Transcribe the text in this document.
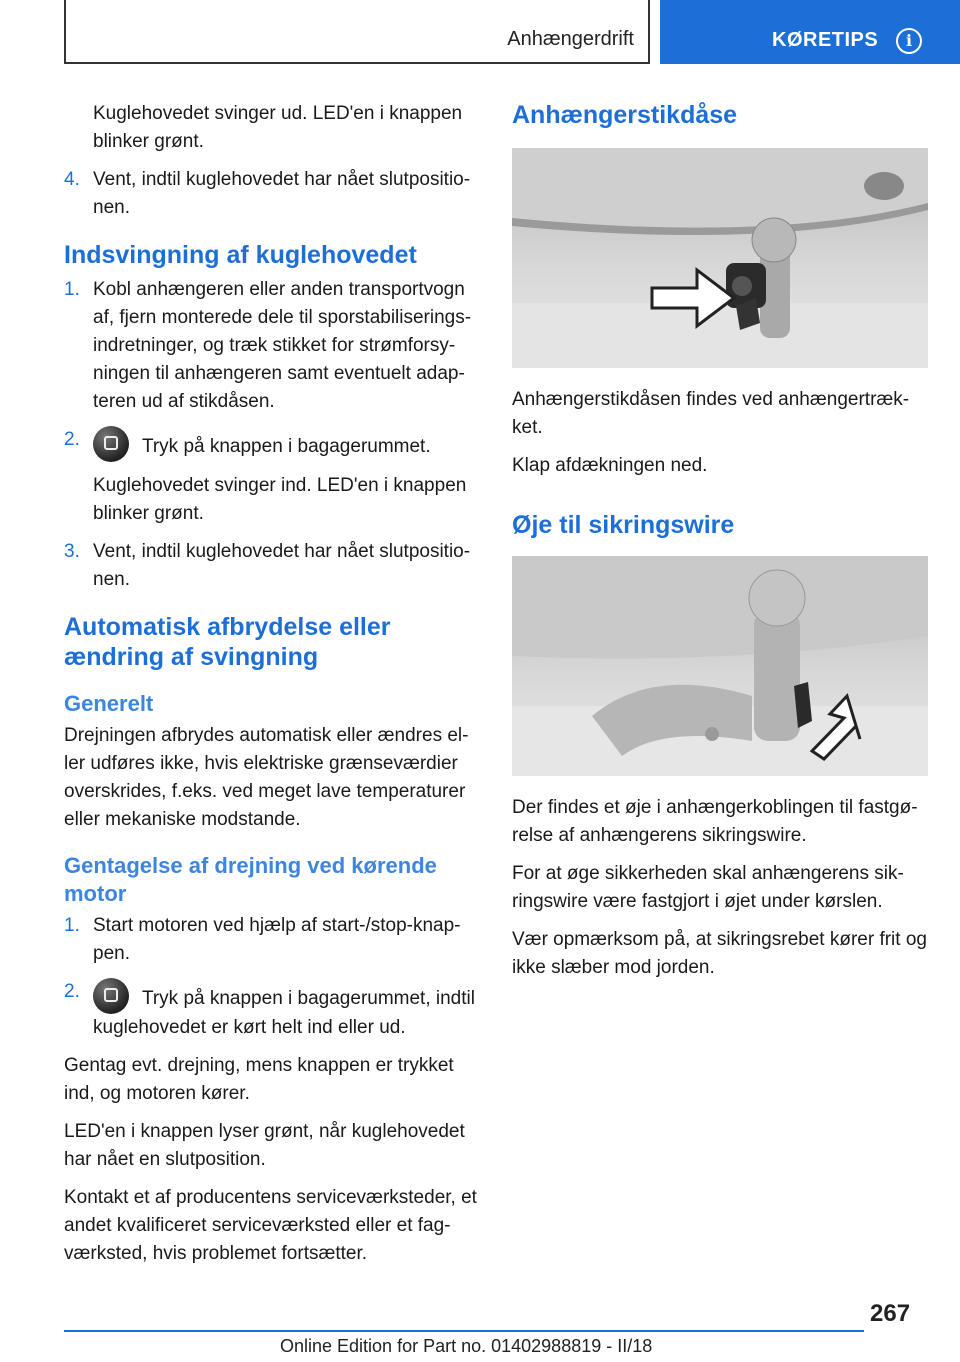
Anhængerdrift	KØRETIPS	i

Kuglehovedet svinger ud. LED'en i knappen blinker grønt.

4. Vent, indtil kuglehovedet har nået slutpositio‐nen.
Indsvingning af kuglehovedet
1. Kobl anhængeren eller anden transportvogn af, fjern monterede dele til sporstabiliserings‐indretninger, og træk stikket for strømforsy‐ningen til anhængeren samt eventuelt adap‐teren ud af stikdåsen.
2.	Tryk på knappen i bagagerummet.

Kuglehovedet svinger ind. LED'en i knappen blinker grønt.

3. Vent, indtil kuglehovedet har nået slutpositio‐nen.
Automatisk afbrydelse eller ændring af svingning
Generelt

Drejningen afbrydes automatisk eller ændres el‐ler udføres ikke, hvis elektriske grænseværdier overskrides, f.eks. ved meget lave temperaturer eller mekaniske modstande.

Gentagelse af drejning ved kørende motor
1. Start motoren ved hjælp af start-/stop-knap‐pen.
2.	Tryk på knappen i bagagerummet, indtil kuglehovedet er kørt helt ind eller ud.

Gentag evt. drejning, mens knappen er trykket ind, og motoren kører.

LED'en i knappen lyser grønt, når kuglehovedet har nået en slutposition.

Kontakt et af producentens serviceværksteder, et andet kvalificeret serviceværksted eller et fag‐værksted, hvis problemet fortsætter.

Anhængerstikdåse

Anhængerstikdåsen findes ved anhængertræk‐ket.

Klap afdækningen ned.

Øje til sikringswire

Der findes et øje i anhængerkoblingen til fastgø‐relse af anhængerens sikringswire.

For at øge sikkerheden skal anhængerens sik‐ringswire være fastgjort i øjet under kørslen.

Vær opmærksom på, at sikringsrebet kører frit og ikke slæber mod jorden.

267
Online Edition for Part no. 01402988819 - II/18
